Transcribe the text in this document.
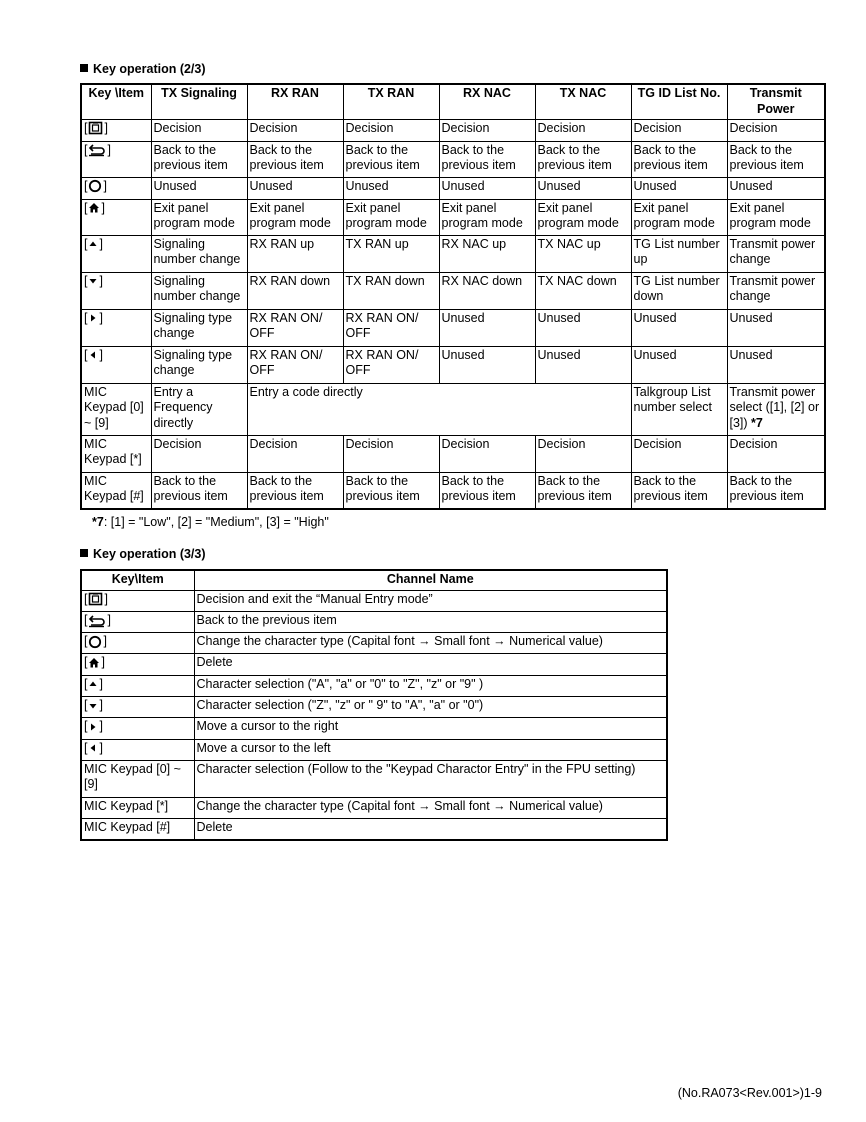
Key operation (2/3)
Key \Item	TX Signaling	RX RAN	TX RAN	RX NAC	TX NAC	TG ID List No.	Transmit Power
[ ]	Decision	Decision	Decision	Decision	Decision	Decision	Decision
[ ]	Back to the previous item	Back to the previous item	Back to the previous item	Back to the previous item	Back to the previous item	Back to the previous item	Back to the previous item
[ ]	Unused	Unused	Unused	Unused	Unused	Unused	Unused
[ ]	Exit panel program mode	Exit panel program mode	Exit panel program mode	Exit panel program mode	Exit panel program mode	Exit panel program mode	Exit panel program mode
[ ]	Signaling number change	RX RAN up	TX RAN up	RX NAC up	TX NAC up	TG List number up	Transmit power change
[ ]	Signaling number change	RX RAN down	TX RAN down	RX NAC down	TX NAC down	TG List number down	Transmit power change
[ ]	Signaling type change	RX RAN ON/ OFF	RX RAN ON/ OFF	Unused	Unused	Unused	Unused
[ ]	Signaling type change	RX RAN ON/ OFF	RX RAN ON/ OFF	Unused	Unused	Unused	Unused
MIC Keypad [0] ~ [9]	Entry a Frequency directly	Entry a code directly				Talkgroup List number select	Transmit power select ([1], [2] or [3]) *7
MIC Keypad [*]	Decision	Decision	Decision	Decision	Decision	Decision	Decision
MIC Keypad [#]	Back to the previous item	Back to the previous item	Back to the previous item	Back to the previous item	Back to the previous item	Back to the previous item	Back to the previous item
*7: [1] = "Low", [2] = "Medium", [3] = "High"
Key operation (3/3)
Key\Item	Channel Name
[ ]	Decision and exit the “Manual Entry mode”
[ ]	Back to the previous item
[ ]	Change the character type (Capital font → Small font → Numerical value)
[ ]	Delete
[ ]	Character selection ("A", "a" or "0" to "Z", "z" or "9" )
[ ]	Character selection ("Z", "z" or " 9" to "A", "a" or "0")
[ ]	Move a cursor to the right
[ ]	Move a cursor to the left
MIC Keypad [0] ~ [9]	Character selection (Follow to the "Keypad Charactor Entry" in the FPU setting)
MIC Keypad [*]	Change the character type (Capital font → Small font → Numerical value)
MIC Keypad [#]	Delete
(No.RA073<Rev.001>)1-9
